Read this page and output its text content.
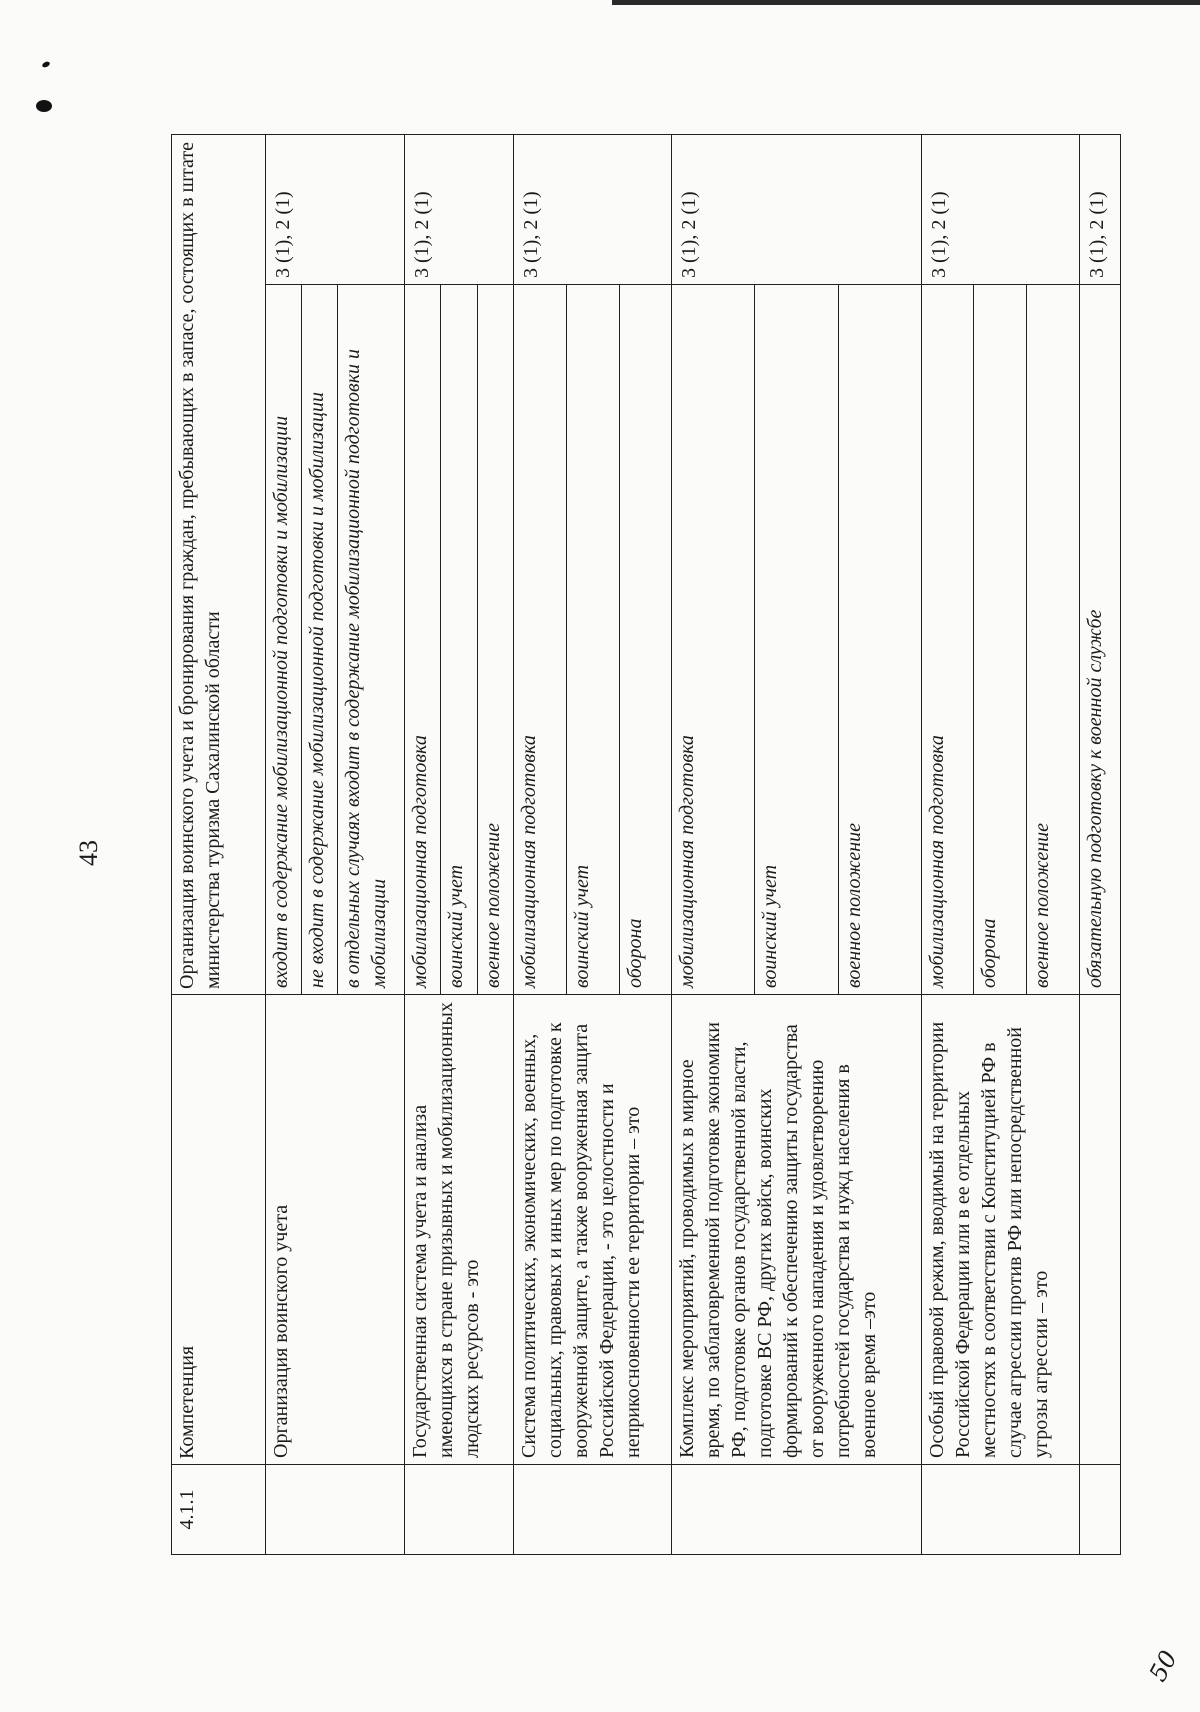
50
43
4.1.1	Компетенция	Организация воинского учета и бронирования граждан, пребывающих в запасе, состоящих в штате министерства туризма Сахалинской области	
	Организация воинского учета	входит в содержание мобилизационной подготовки и мобилизации	3 (1), 2 (1)
		не входит в содержание мобилизационной подготовки и мобилизации	
		в отдельных случаях входит в содержание мобилизационной подготовки и мобилизации	
	Государственная система учета и анализа имеющихся в стране призывных и мобилизационных людских ресурсов - это	мобилизационная подготовка	3 (1), 2 (1)
		воинский учет	
		военное положение	
	Система политических, экономических, военных, социальных, правовых и иных мер по подготовке к вооруженной защите, а также вооруженная защита Российской Федерации, - это целостности и неприкосновенности ее территории – это	мобилизационная подготовка	3 (1), 2 (1)
		воинский учет	
		оборона	
	Комплекс мероприятий, проводимых в мирное время, по заблаговременной подготовке экономики РФ, подготовке органов государственной власти, подготовке ВС РФ, других войск, воинских формирований к обеспечению защиты государства от вооруженного нападения и удовлетворению потребностей государства и нужд населения в военное время –это	мобилизационная подготовка	3 (1), 2 (1)
		воинский учет	
		военное положение	
	Особый правовой режим, вводимый на территории Российской Федерации или в ее отдельных местностях в соответствии с Конституцией РФ в случае агрессии против РФ или непосредственной угрозы агрессии – это	мобилизационная подготовка	3 (1), 2 (1)
		оборона	
		военное положение	
		обязательную подготовку к военной службе	3 (1), 2 (1)
